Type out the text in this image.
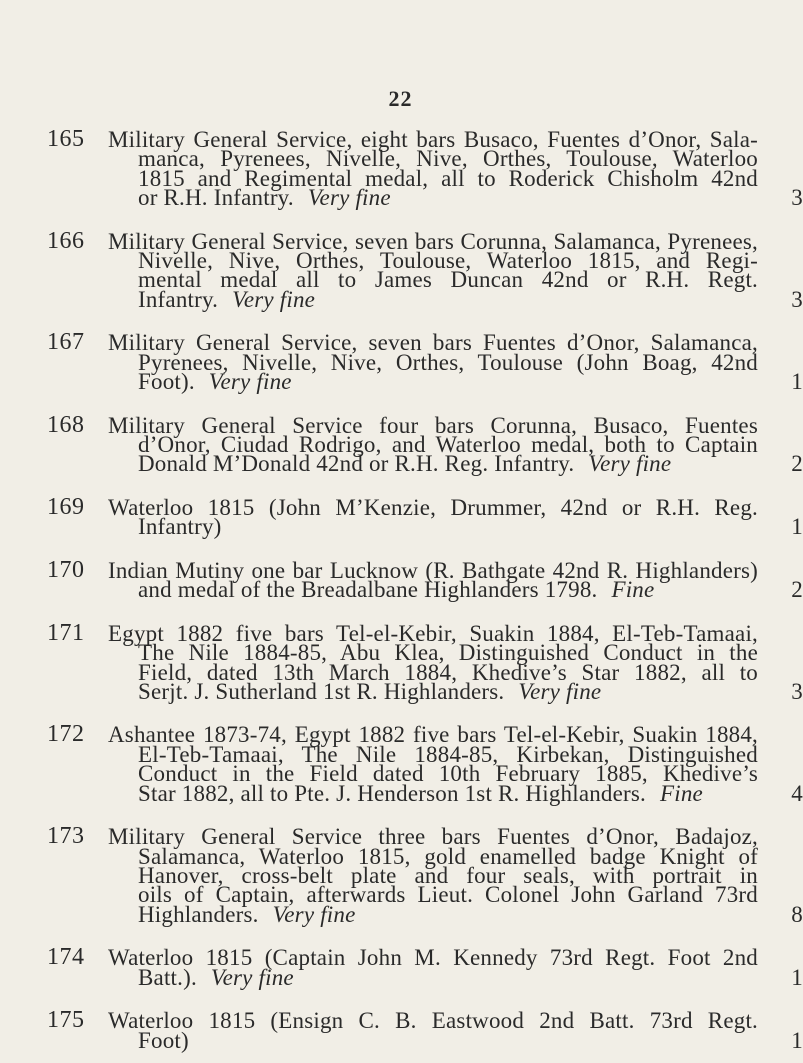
22
165	Military General Service, eight bars Busaco, Fuentes d’Onor, Sala-
manca, Pyrenees, Nivelle, Nive, Orthes, Toulouse, Waterloo
1815 and Regimental medal, all to Roderick Chisholm 42nd
or R.H. Infantry. Very fine	3
166	Military General Service, seven bars Corunna, Salamanca, Pyrenees,
Nivelle, Nive, Orthes, Toulouse, Waterloo 1815, and Regi-
mental medal all to James Duncan 42nd or R.H. Regt.
Infantry. Very fine	3
167	Military General Service, seven bars Fuentes d’Onor, Salamanca,
Pyrenees, Nivelle, Nive, Orthes, Toulouse (John Boag, 42nd
Foot). Very fine	1
168	Military General Service four bars Corunna, Busaco, Fuentes
d’Onor, Ciudad Rodrigo, and Waterloo medal, both to Captain
Donald M’Donald 42nd or R.H. Reg. Infantry. Very fine	2
169	Waterloo 1815 (John M’Kenzie, Drummer, 42nd or R.H. Reg.
Infantry)	1
170	Indian Mutiny one bar Lucknow (R. Bathgate 42nd R. Highlanders)
and medal of the Breadalbane Highlanders 1798. Fine	2
171	Egypt 1882 five bars Tel-el-Kebir, Suakin 1884, El-Teb-Tamaai,
The Nile 1884-85, Abu Klea, Distinguished Conduct in the
Field, dated 13th March 1884, Khedive’s Star 1882, all to
Serjt. J. Sutherland 1st R. Highlanders. Very fine	3
172	Ashantee 1873-74, Egypt 1882 five bars Tel-el-Kebir, Suakin 1884,
El-Teb-Tamaai, The Nile 1884-85, Kirbekan, Distinguished
Conduct in the Field dated 10th February 1885, Khedive’s
Star 1882, all to Pte. J. Henderson 1st R. Highlanders. Fine	4
173	Military General Service three bars Fuentes d’Onor, Badajoz,
Salamanca, Waterloo 1815, gold enamelled badge Knight of
Hanover, cross-belt plate and four seals, with portrait in
oils of Captain, afterwards Lieut. Colonel John Garland 73rd
Highlanders. Very fine	8
174	Waterloo 1815 (Captain John M. Kennedy 73rd Regt. Foot 2nd
Batt.). Very fine	1
175	Waterloo 1815 (Ensign C. B. Eastwood 2nd Batt. 73rd Regt.
Foot)	1
